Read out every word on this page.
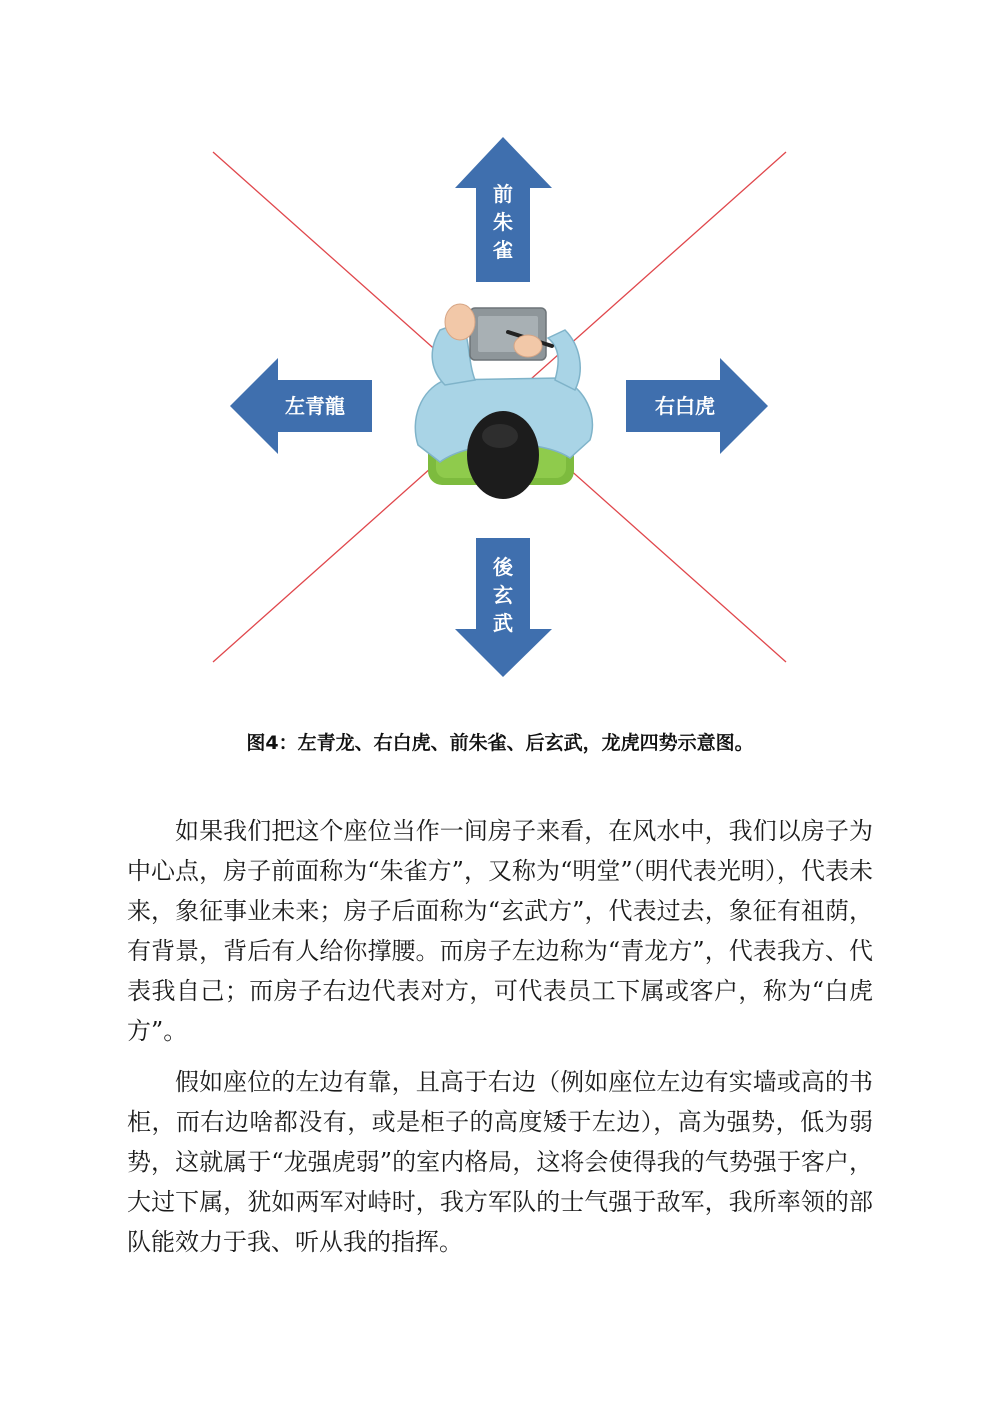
前朱雀
左青龍	右白虎
後玄武
图4：左青龙、右白虎、前朱雀、后玄武，龙虎四势示意图。

如果我们把这个座位当作一间房子来看，在风水中，我们以房子为中心点，房子前面称为“朱雀方”，又称为“明堂”（明代表光明），代表未来，象征事业未来；房子后面称为“玄武方”，代表过去，象征有祖荫，有背景，背后有人给你撑腰。而房子左边称为“青龙方”，代表我方、代表我自己；而房子右边代表对方，可代表员工下属或客户，称为“白虎方”。

假如座位的左边有靠，且高于右边（例如座位左边有实墙或高的书柜，而右边啥都没有，或是柜子的高度矮于左边），高为强势，低为弱势，这就属于“龙强虎弱”的室内格局，这将会使得我的气势强于客户，大过下属，犹如两军对峙时，我方军队的士气强于敌军，我所率领的部队能效力于我、听从我的指挥。
